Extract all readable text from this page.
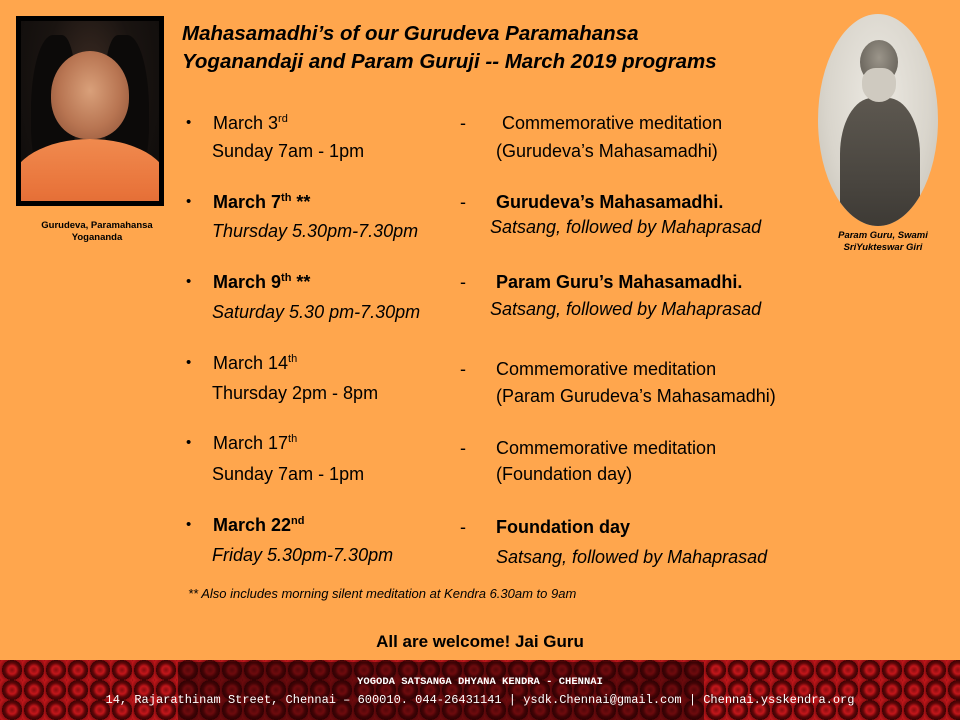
Mahasamadhi’s of our Gurudeva Paramahansa
Yoganandaji and Param Guruji -- March 2019 programs
Gurudeva, Paramahansa
Yogananda	Param Guru, Swami
SriYukteswar Giri
• March 3rd	- Commemorative meditation
Sunday 7am - 1pm	(Gurudeva’s Mahasamadhi)
• March 7th **	- Gurudeva’s Mahasamadhi.
Thursday 5.30pm-7.30pm	Satsang, followed by Mahaprasad
• March 9th **	- Param Guru’s Mahasamadhi.
Saturday 5.30 pm-7.30pm	Satsang, followed by Mahaprasad
• March 14th	- Commemorative meditation
Thursday 2pm - 8pm	(Param Gurudeva’s Mahasamadhi)
• March 17th	- Commemorative meditation
Sunday 7am - 1pm	(Foundation day)
• March 22nd	- Foundation day
Friday 5.30pm-7.30pm	Satsang, followed by Mahaprasad
** Also includes morning silent meditation at Kendra 6.30am to 9am
All are welcome! Jai Guru
YOGODA SATSANGA DHYANA KENDRA - CHENNAI
14, Rajarathinam Street, Chennai – 600010. 044-26431141 | ysdk.Chennai@gmail.com | Chennai.ysskendra.org
